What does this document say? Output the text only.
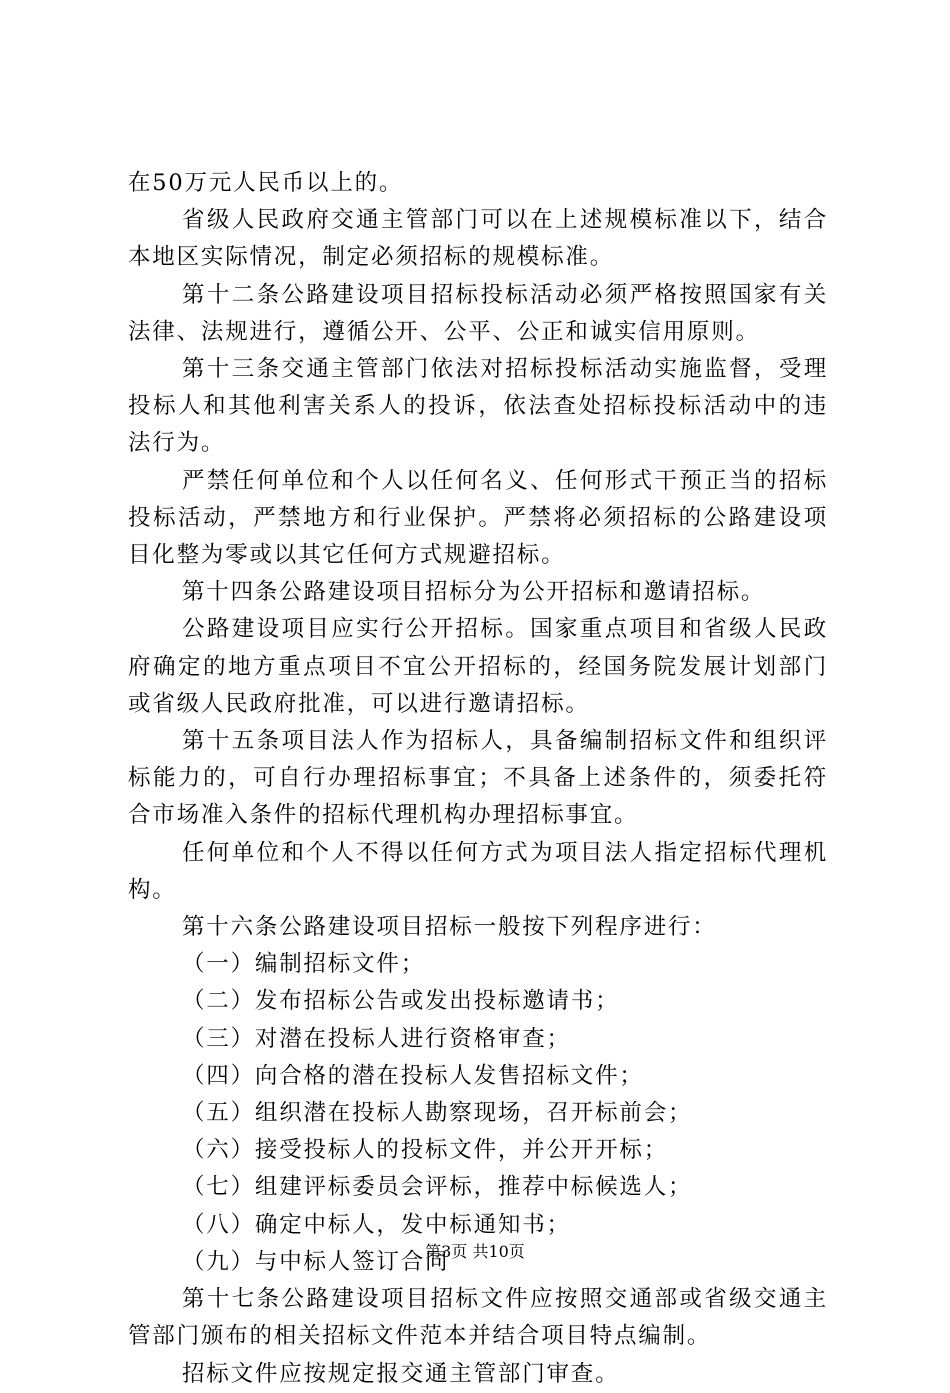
在50万元人民币以上的。

省级人民政府交通主管部门可以在上述规模标准以下，结合本地区实际情况，制定必须招标的规模标准。

第十二条公路建设项目招标投标活动必须严格按照国家有关法律、法规进行，遵循公开、公平、公正和诚实信用原则。

第十三条交通主管部门依法对招标投标活动实施监督，受理投标人和其他利害关系人的投诉，依法查处招标投标活动中的违法行为。

严禁任何单位和个人以任何名义、任何形式干预正当的招标投标活动，严禁地方和行业保护。严禁将必须招标的公路建设项目化整为零或以其它任何方式规避招标。

第十四条公路建设项目招标分为公开招标和邀请招标。

公路建设项目应实行公开招标。国家重点项目和省级人民政府确定的地方重点项目不宜公开招标的，经国务院发展计划部门或省级人民政府批准，可以进行邀请招标。

第十五条项目法人作为招标人，具备编制招标文件和组织评标能力的，可自行办理招标事宜；不具备上述条件的，须委托符合市场准入条件的招标代理机构办理招标事宜。

任何单位和个人不得以任何方式为项目法人指定招标代理机构。

第十六条公路建设项目招标一般按下列程序进行：

（一）编制招标文件；

（二）发布招标公告或发出投标邀请书；

（三）对潜在投标人进行资格审查；

（四）向合格的潜在投标人发售招标文件；

（五）组织潜在投标人勘察现场，召开标前会；

（六）接受投标人的投标文件，并公开开标；

（七）组建评标委员会评标，推荐中标候选人；

（八）确定中标人，发中标通知书；

（九）与中标人签订合同

第十七条公路建设项目招标文件应按照交通部或省级交通主管部门颁布的相关招标文件范本并结合项目特点编制。

招标文件应按规定报交通主管部门审查。

第3页 共10页
